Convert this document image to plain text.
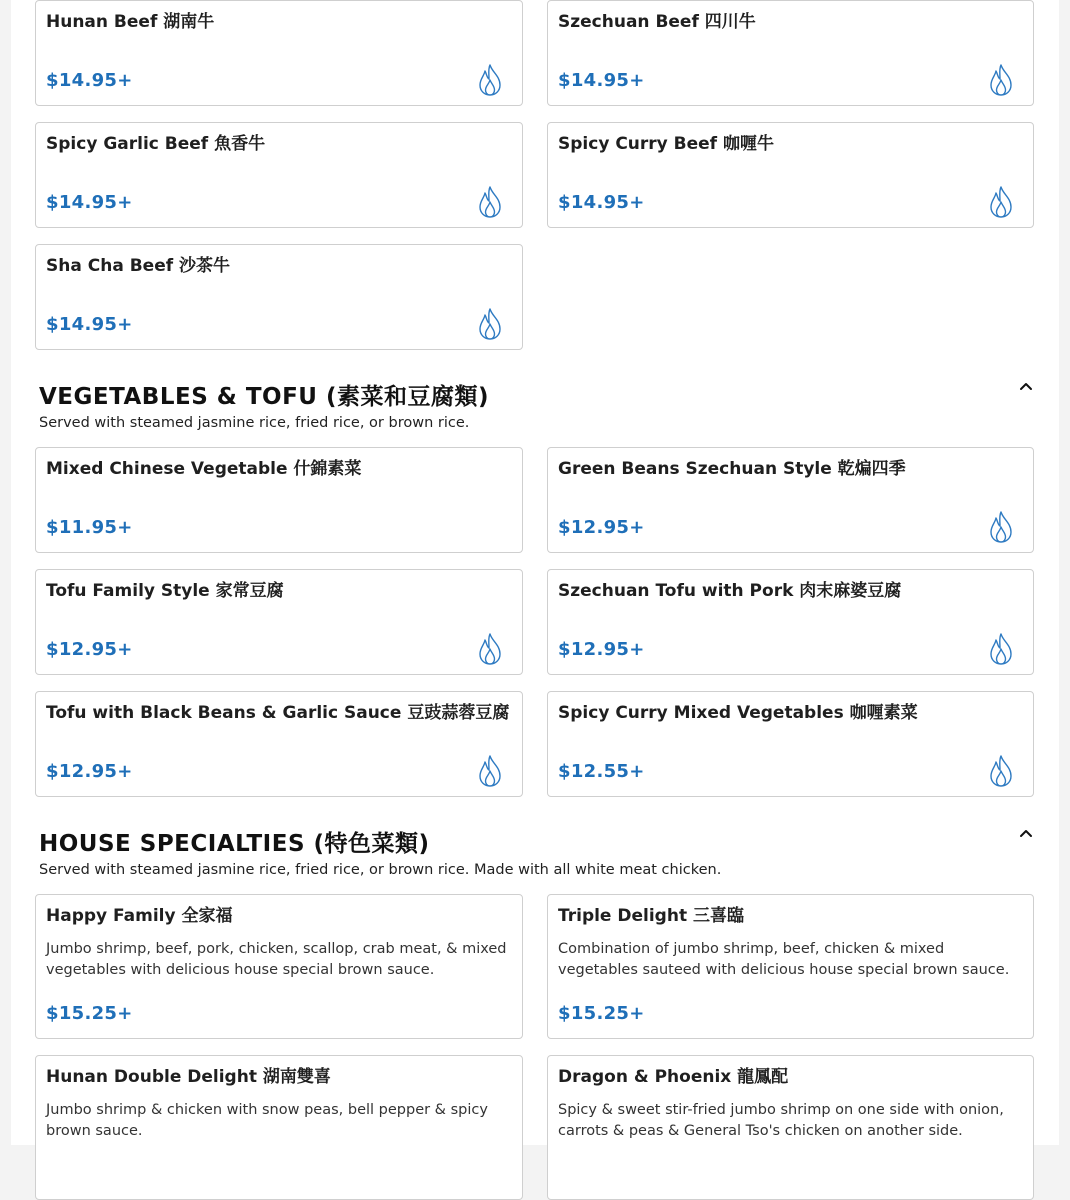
Hunan Beef 湖南牛
$14.95+
Szechuan Beef 四川牛
$14.95+
Spicy Garlic Beef 魚香牛
$14.95+
Spicy Curry Beef 咖喱牛
$14.95+
Sha Cha Beef 沙茶牛
$14.95+
VEGETABLES & TOFU (素菜和豆腐類)
Served with steamed jasmine rice, fried rice, or brown rice.
Mixed Chinese Vegetable 什錦素菜
$11.95+
Green Beans Szechuan Style 乾煸四季
$12.95+
Tofu Family Style 家常豆腐
$12.95+
Szechuan Tofu with Pork 肉末麻婆豆腐
$12.95+
Tofu with Black Beans & Garlic Sauce 豆豉蒜蓉豆腐
$12.95+
Spicy Curry Mixed Vegetables 咖喱素菜
$12.55+
HOUSE SPECIALTIES (特色菜類)
Served with steamed jasmine rice, fried rice, or brown rice. Made with all white meat chicken.
Happy Family 全家福
Jumbo shrimp, beef, pork, chicken, scallop, crab meat, & mixed vegetables with delicious house special brown sauce.
$15.25+
Triple Delight 三喜臨
Combination of jumbo shrimp, beef, chicken & mixed vegetables sauteed with delicious house special brown sauce.
$15.25+
Hunan Double Delight 湖南雙喜
Jumbo shrimp & chicken with snow peas, bell pepper & spicy brown sauce.
Dragon & Phoenix 龍鳳配
Spicy & sweet stir-fried jumbo shrimp on one side with onion, carrots & peas & General Tso's chicken on another side.
